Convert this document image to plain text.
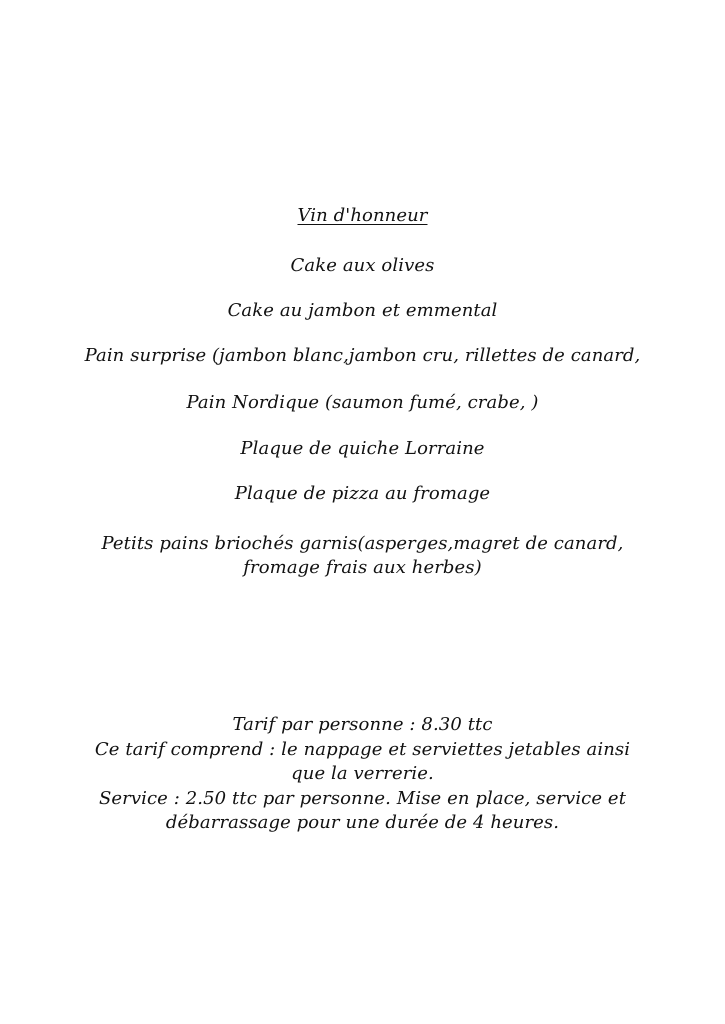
Vin d'honneur
Cake aux olives
Cake au jambon et emmental
Pain surprise (jambon blanc,jambon cru, rillettes de canard,
Pain Nordique (saumon fumé, crabe, )
Plaque de quiche Lorraine
Plaque de pizza au fromage
Petits pains briochés garnis(asperges,magret de canard,
fromage frais aux herbes)
Tarif par personne : 8.30 ttc
Ce tarif comprend : le nappage et serviettes jetables ainsi
que la verrerie.
Service : 2.50 ttc par personne. Mise en place, service et
débarrassage pour une durée de 4 heures.
